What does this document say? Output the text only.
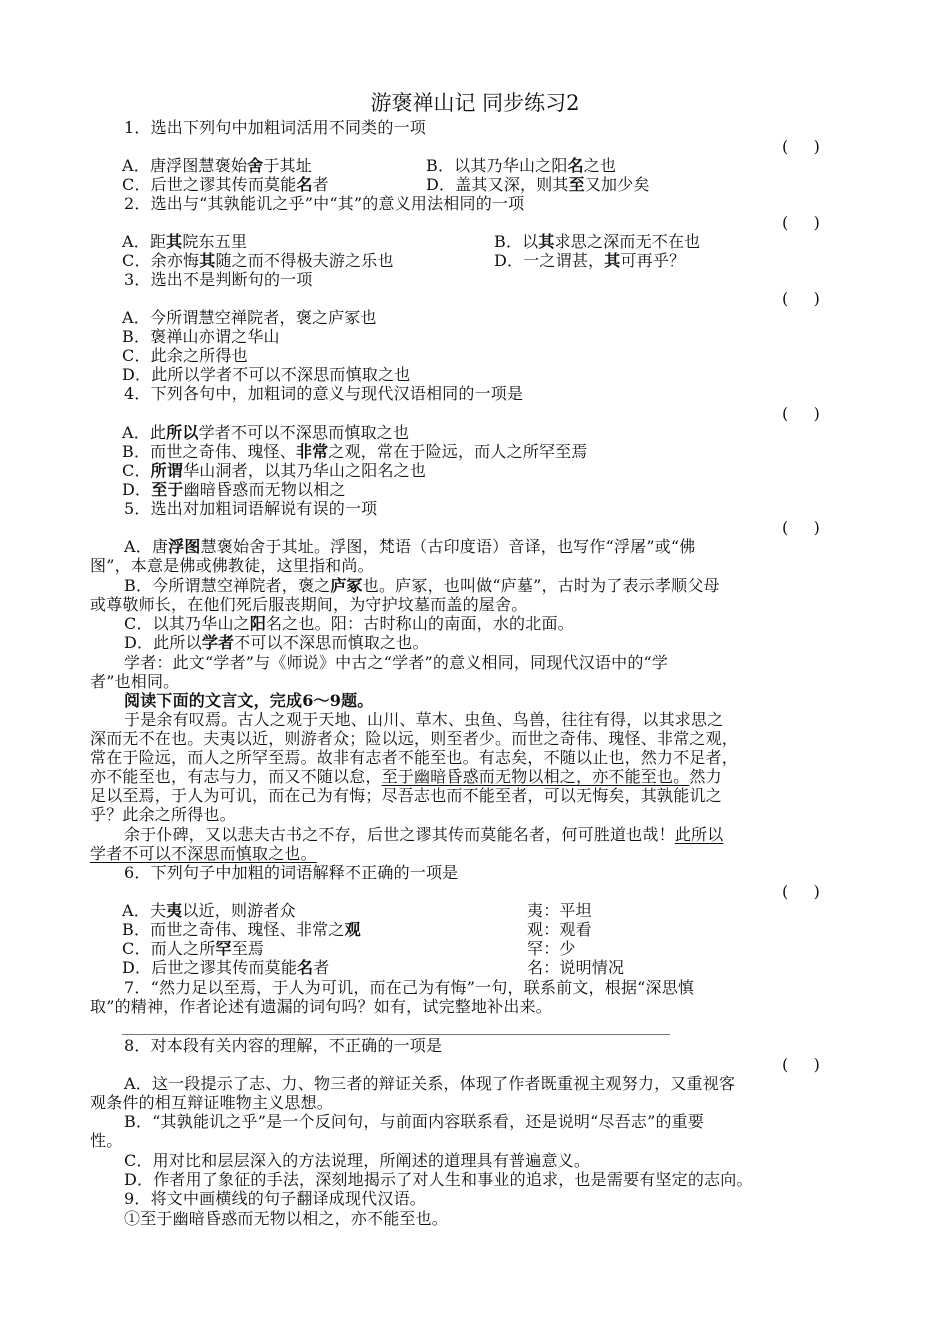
游褒禅山记 同步练习2
1．选出下列句中加粗词活用不同类的一项
(     )
A．唐浮图慧褒始舍于其址	B．以其乃华山之阳名之也
C．后世之谬其传而莫能名者	D．盖其又深，则其至又加少矣
2．选出与“其孰能讥之乎”中“其”的意义用法相同的一项
(     )
A．距其院东五里	B．以其求思之深而无不在也
C．余亦悔其随之而不得极夫游之乐也	D．一之谓甚，其可再乎？
3．选出不是判断句的一项
(     )
A．今所谓慧空禅院者，褒之庐冢也
B．褒禅山亦谓之华山
C．此余之所得也
D．此所以学者不可以不深思而慎取之也
4．下列各句中，加粗词的意义与现代汉语相同的一项是
(     )
A．此所以学者不可以不深思而慎取之也
B．而世之奇伟、瑰怪、非常之观，常在于险远，而人之所罕至焉
C．所谓华山洞者，以其乃华山之阳名之也
D．至于幽暗昏惑而无物以相之
5．选出对加粗词语解说有误的一项
(     )
A．唐浮图慧褒始舍于其址。浮图，梵语（古印度语）音译，也写作“浮屠”或“佛
图”，本意是佛或佛教徒，这里指和尚。
B．今所谓慧空禅院者，褒之庐冢也。庐冢，也叫做“庐墓”，古时为了表示孝顺父母
或尊敬师长，在他们死后服丧期间，为守护坟墓而盖的屋舍。
C．以其乃华山之阳名之也。阳：古时称山的南面，水的北面。
D．此所以学者不可以不深思而慎取之也。
学者：此文“学者”与《师说》中古之“学者”的意义相同，同现代汉语中的“学
者”也相同。
阅读下面的文言文，完成6～9题。
于是余有叹焉。古人之观于天地、山川、草木、虫鱼、鸟兽，往往有得，以其求思之
深而无不在也。夫夷以近，则游者众；险以远，则至者少。而世之奇伟、瑰怪、非常之观，
常在于险远，而人之所罕至焉。故非有志者不能至也。有志矣，不随以止也，然力不足者，
亦不能至也，有志与力，而又不随以怠，至于幽暗昏惑而无物以相之，亦不能至也。然力
足以至焉，于人为可讥，而在己为有悔；尽吾志也而不能至者，可以无悔矣，其孰能讥之
乎？此余之所得也。
余于仆碑，又以悲夫古书之不存，后世之谬其传而莫能名者，何可胜道也哉！此所以
学者不可以不深思而慎取之也。
6．下列句子中加粗的词语解释不正确的一项是
(     )
A．夫夷以近，则游者众	夷：平坦
B．而世之奇伟、瑰怪、非常之观	观：观看
C．而人之所罕至焉	罕：少
D．后世之谬其传而莫能名者	名：说明情况
7．“然力足以至焉，于人为可讥，而在己为有悔”一句，联系前文，根据“深思慎
取”的精神，作者论述有遗漏的词句吗？如有，试完整地补出来。
8．对本段有关内容的理解，不正确的一项是
(     )
A．这一段提示了志、力、物三者的辩证关系，体现了作者既重视主观努力，又重视客
观条件的相互辩证唯物主义思想。
B．“其孰能讥之乎”是一个反问句，与前面内容联系看，还是说明“尽吾志”的重要
性。
C．用对比和层层深入的方法说理，所阐述的道理具有普遍意义。
D．作者用了象征的手法，深刻地揭示了对人生和事业的追求，也是需要有坚定的志向。
9．将文中画横线的句子翻译成现代汉语。
①至于幽暗昏惑而无物以相之，亦不能至也。
